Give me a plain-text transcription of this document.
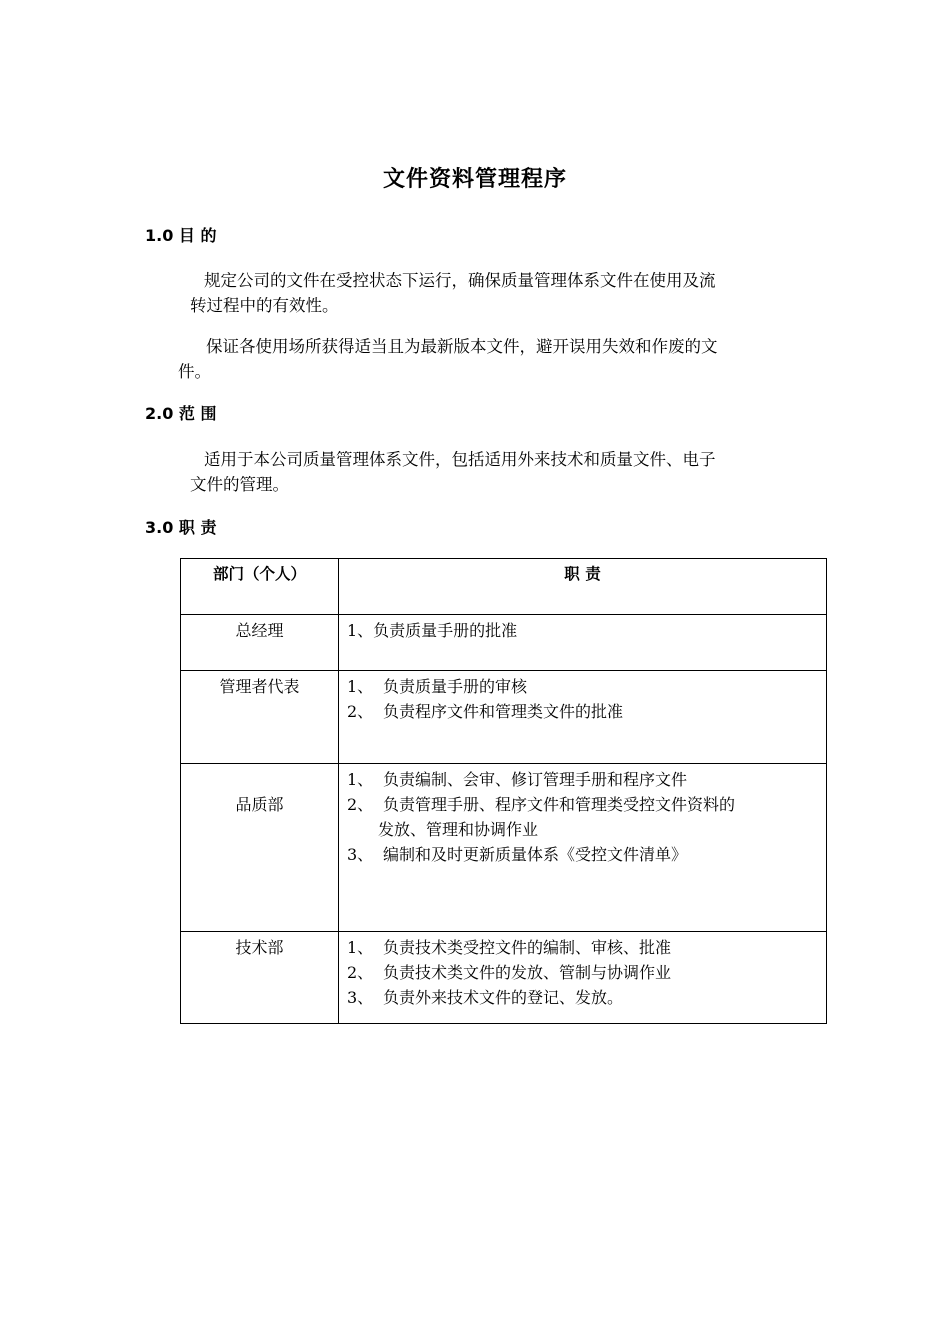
文件资料管理程序
1.0 目 的
规定公司的文件在受控状态下运行，确保质量管理体系文件在使用及流
转过程中的有效性。
保证各使用场所获得适当且为最新版本文件，避开误用失效和作废的文
件。
2.0 范 围
适用于本公司质量管理体系文件，包括适用外来技术和质量文件、电子
文件的管理。
3.0 职 责
部门（个人）	职 责
总经理	1、负责质量手册的批准

管理者代表	1、 负责质量手册的审核
2、 负责程序文件和管理类文件的批准

品质部	1、 负责编制、会审、修订管理手册和程序文件
2、 负责管理手册、程序文件和管理类受控文件资料的
发放、管理和协调作业
3、 编制和及时更新质量体系《受控文件清单》

技术部	1、 负责技术类受控文件的编制、审核、批准
2、 负责技术类文件的发放、管制与协调作业
3、 负责外来技术文件的登记、发放。
